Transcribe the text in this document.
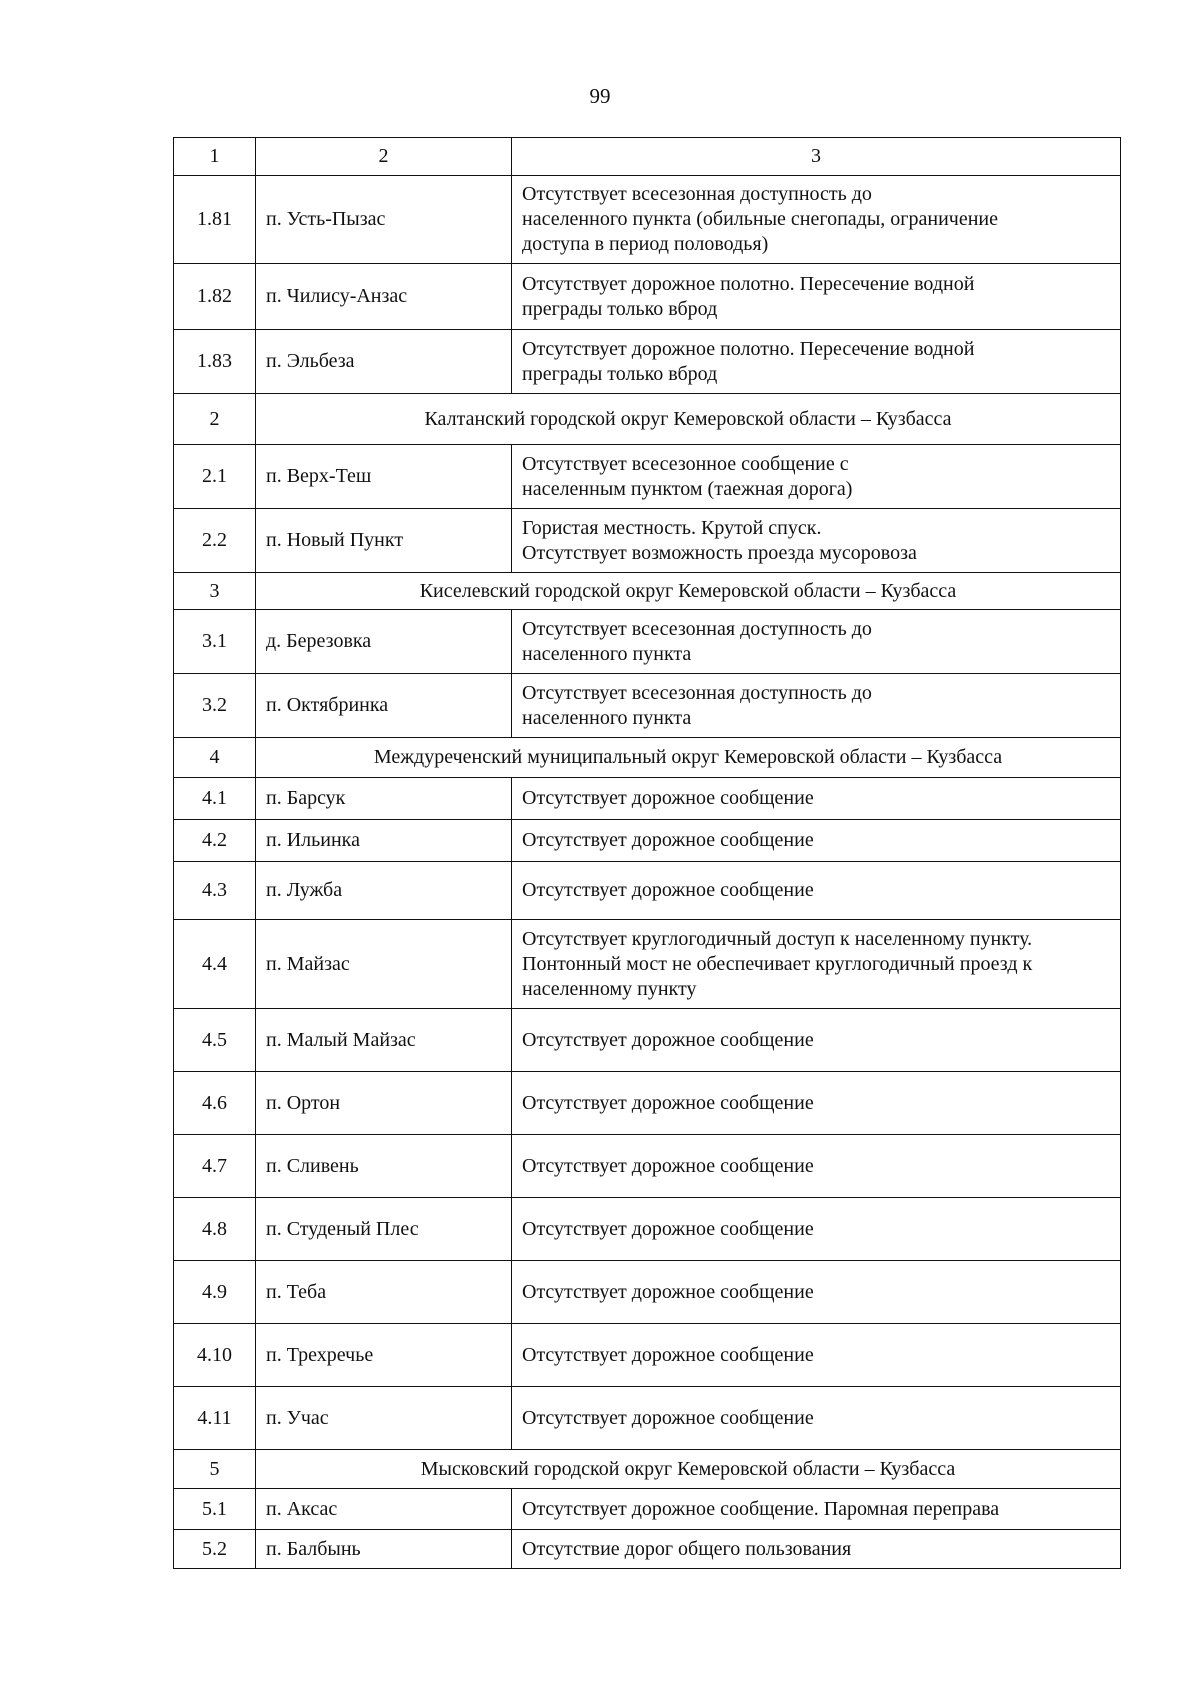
99
1	2	3
1.81	п. Усть-Пызас	Отсутствует всесезонная доступность до
населенного пункта (обильные снегопады, ограничение
доступа в период половодья)

1.82	п. Чилису-Анзас	Отсутствует дорожное полотно. Пересечение водной
преграды только вброд

1.83	п. Эльбеза	Отсутствует дорожное полотно. Пересечение водной
преграды только вброд

2	Калтанский городской округ Кемеровской области – Кузбасса	
2.1	п. Верх-Теш	Отсутствует всесезонное сообщение с
населенным пунктом (таежная дорога)

2.2	п. Новый Пункт	Гористая местность. Крутой спуск.
Отсутствует возможность проезда мусоровоза

3	Киселевский городской округ Кемеровской области – Кузбасса	
3.1	д. Березовка	Отсутствует всесезонная доступность до
населенного пункта

3.2	п. Октябринка	Отсутствует всесезонная доступность до
населенного пункта

4	Междуреченский муниципальный округ Кемеровской области – Кузбасса	
4.1	п. Барсук	Отсутствует дорожное сообщение

4.2	п. Ильинка	Отсутствует дорожное сообщение

4.3	п. Лужба	Отсутствует дорожное сообщение

4.4	п. Майзас	Отсутствует круглогодичный доступ к населенному пункту.
Понтонный мост не обеспечивает круглогодичный проезд к
населенному пункту

4.5	п. Малый Майзас	Отсутствует дорожное сообщение

4.6	п. Ортон	Отсутствует дорожное сообщение

4.7	п. Сливень	Отсутствует дорожное сообщение

4.8	п. Студеный Плес	Отсутствует дорожное сообщение

4.9	п. Теба	Отсутствует дорожное сообщение

4.10	п. Трехречье	Отсутствует дорожное сообщение

4.11	п. Учас	Отсутствует дорожное сообщение

5	Мысковский городской округ Кемеровской области – Кузбасса	
5.1	п. Аксас	Отсутствует дорожное сообщение. Паромная переправа

5.2	п. Балбынь	Отсутствие дорог общего пользования
